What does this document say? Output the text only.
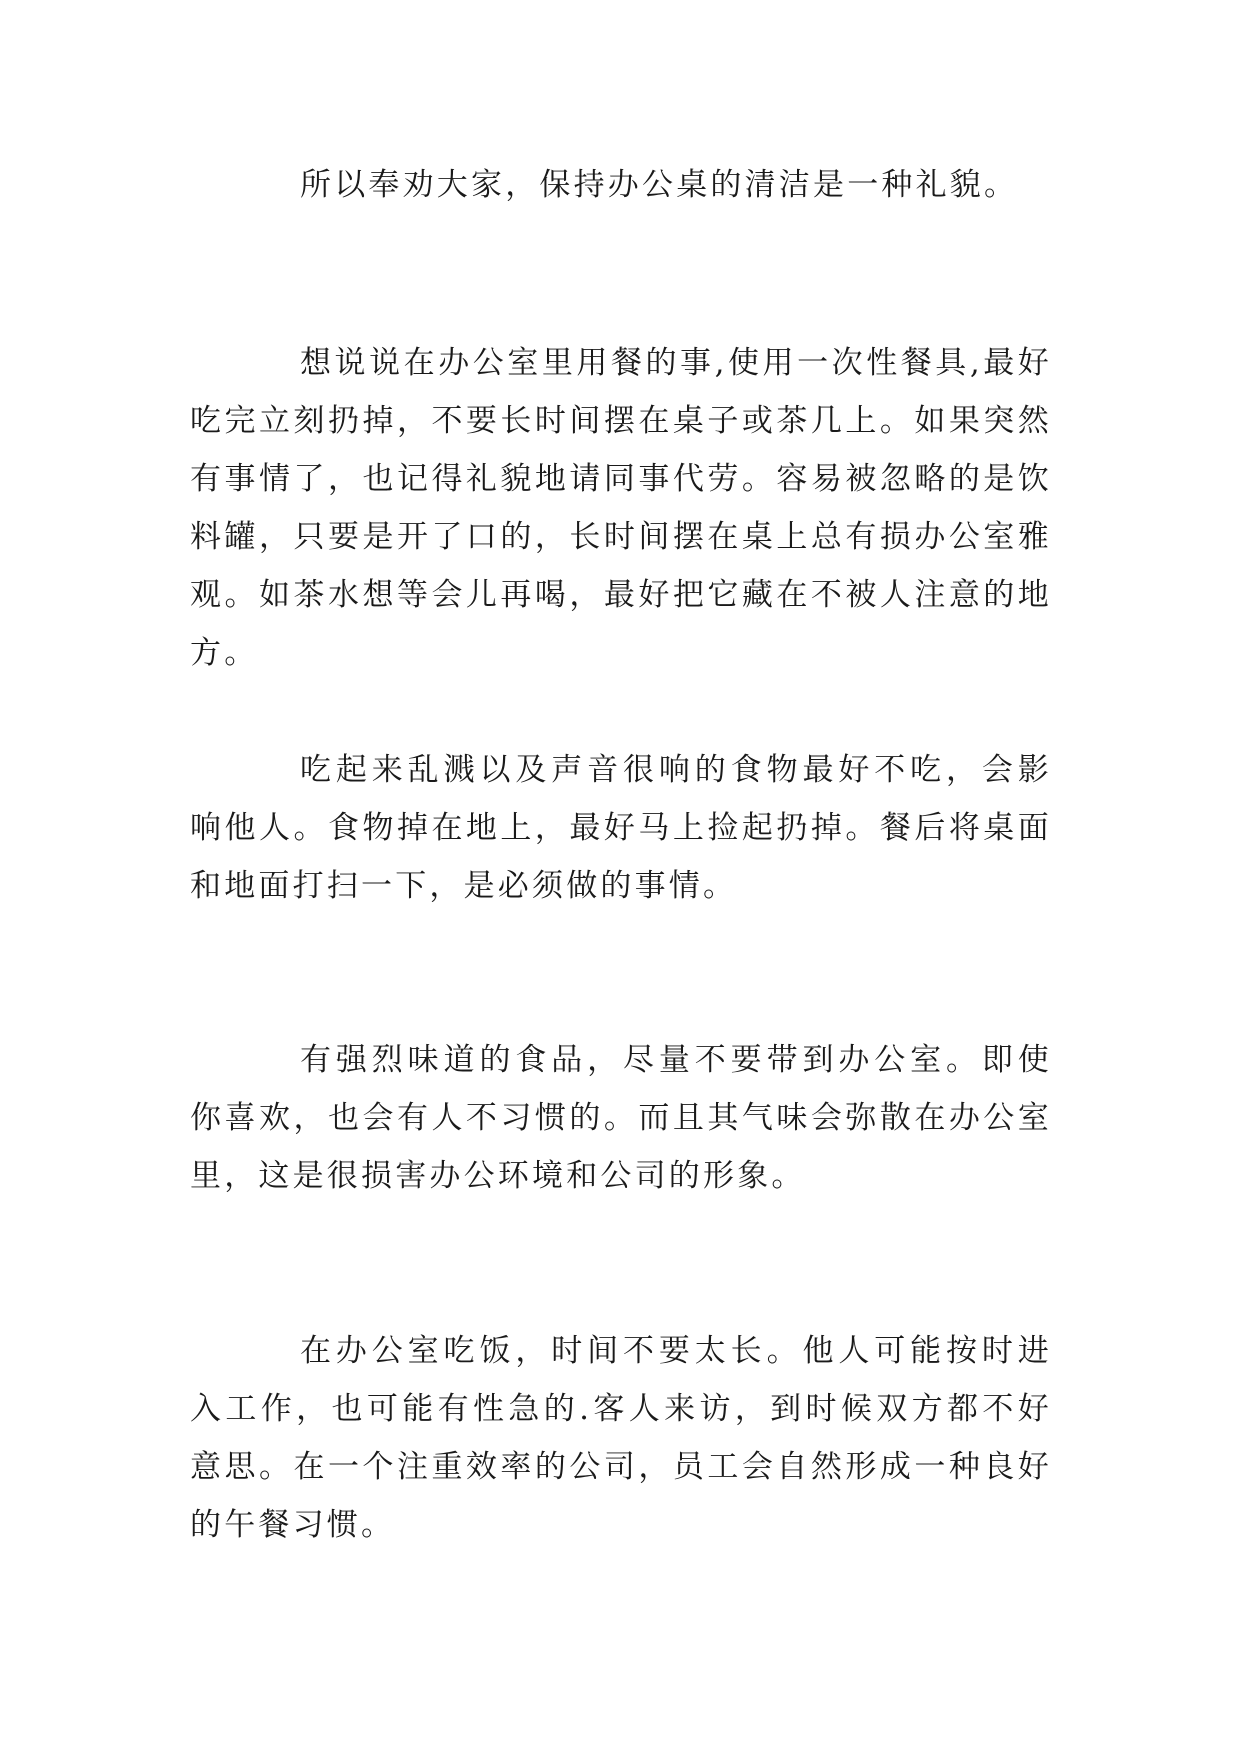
所以奉劝大家，保持办公桌的清洁是一种礼貌。

想说说在办公室里用餐的事,使用一次性餐具,最好吃完立刻扔掉，不要长时间摆在桌子或茶几上。如果突然有事情了，也记得礼貌地请同事代劳。容易被忽略的是饮料罐，只要是开了口的，长时间摆在桌上总有损办公室雅观。如茶水想等会儿再喝，最好把它藏在不被人注意的地方。

吃起来乱溅以及声音很响的食物最好不吃，会影响他人。食物掉在地上，最好马上捡起扔掉。餐后将桌面和地面打扫一下，是必须做的事情。

有强烈味道的食品，尽量不要带到办公室。即使你喜欢，也会有人不习惯的。而且其气味会弥散在办公室里，这是很损害办公环境和公司的形象。

在办公室吃饭，时间不要太长。他人可能按时进入工作，也可能有性急的.客人来访，到时候双方都不好意思。在一个注重效率的公司，员工会自然形成一种良好的午餐习惯。
